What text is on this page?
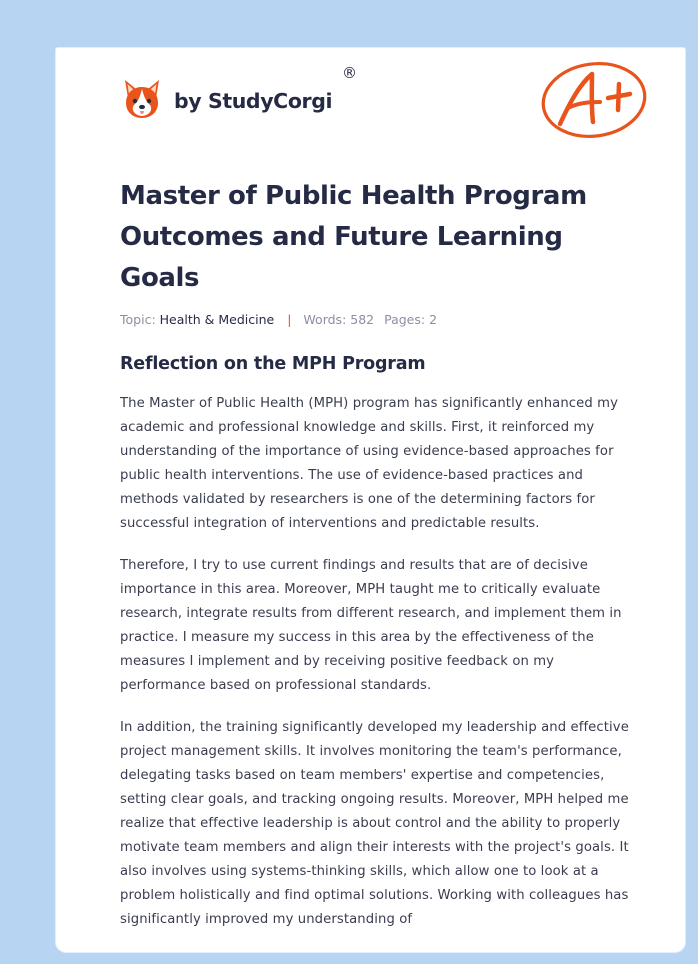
by StudyCorgi
®
Master of Public Health Program Outcomes and Future Learning Goals
Topic: Health & Medicine | Words: 582 Pages: 2
Reflection on the MPH Program

The Master of Public Health (MPH) program has significantly enhanced my academic and professional knowledge and skills. First, it reinforced my understanding of the importance of using evidence-based approaches for public health interventions. The use of evidence-based practices and methods validated by researchers is one of the determining factors for successful integration of interventions and predictable results.

Therefore, I try to use current findings and results that are of decisive importance in this area. Moreover, MPH taught me to critically evaluate research, integrate results from different research, and implement them in practice. I measure my success in this area by the effectiveness of the measures I implement and by receiving positive feedback on my performance based on professional standards.

In addition, the training significantly developed my leadership and effective project management skills. It involves monitoring the team's performance, delegating tasks based on team members' expertise and competencies, setting clear goals, and tracking ongoing results. Moreover, MPH helped me realize that effective leadership is about control and the ability to properly motivate team members and align their interests with the project's goals. It also involves using systems-thinking skills, which allow one to look at a problem holistically and find optimal solutions. Working with colleagues has significantly improved my understanding of
